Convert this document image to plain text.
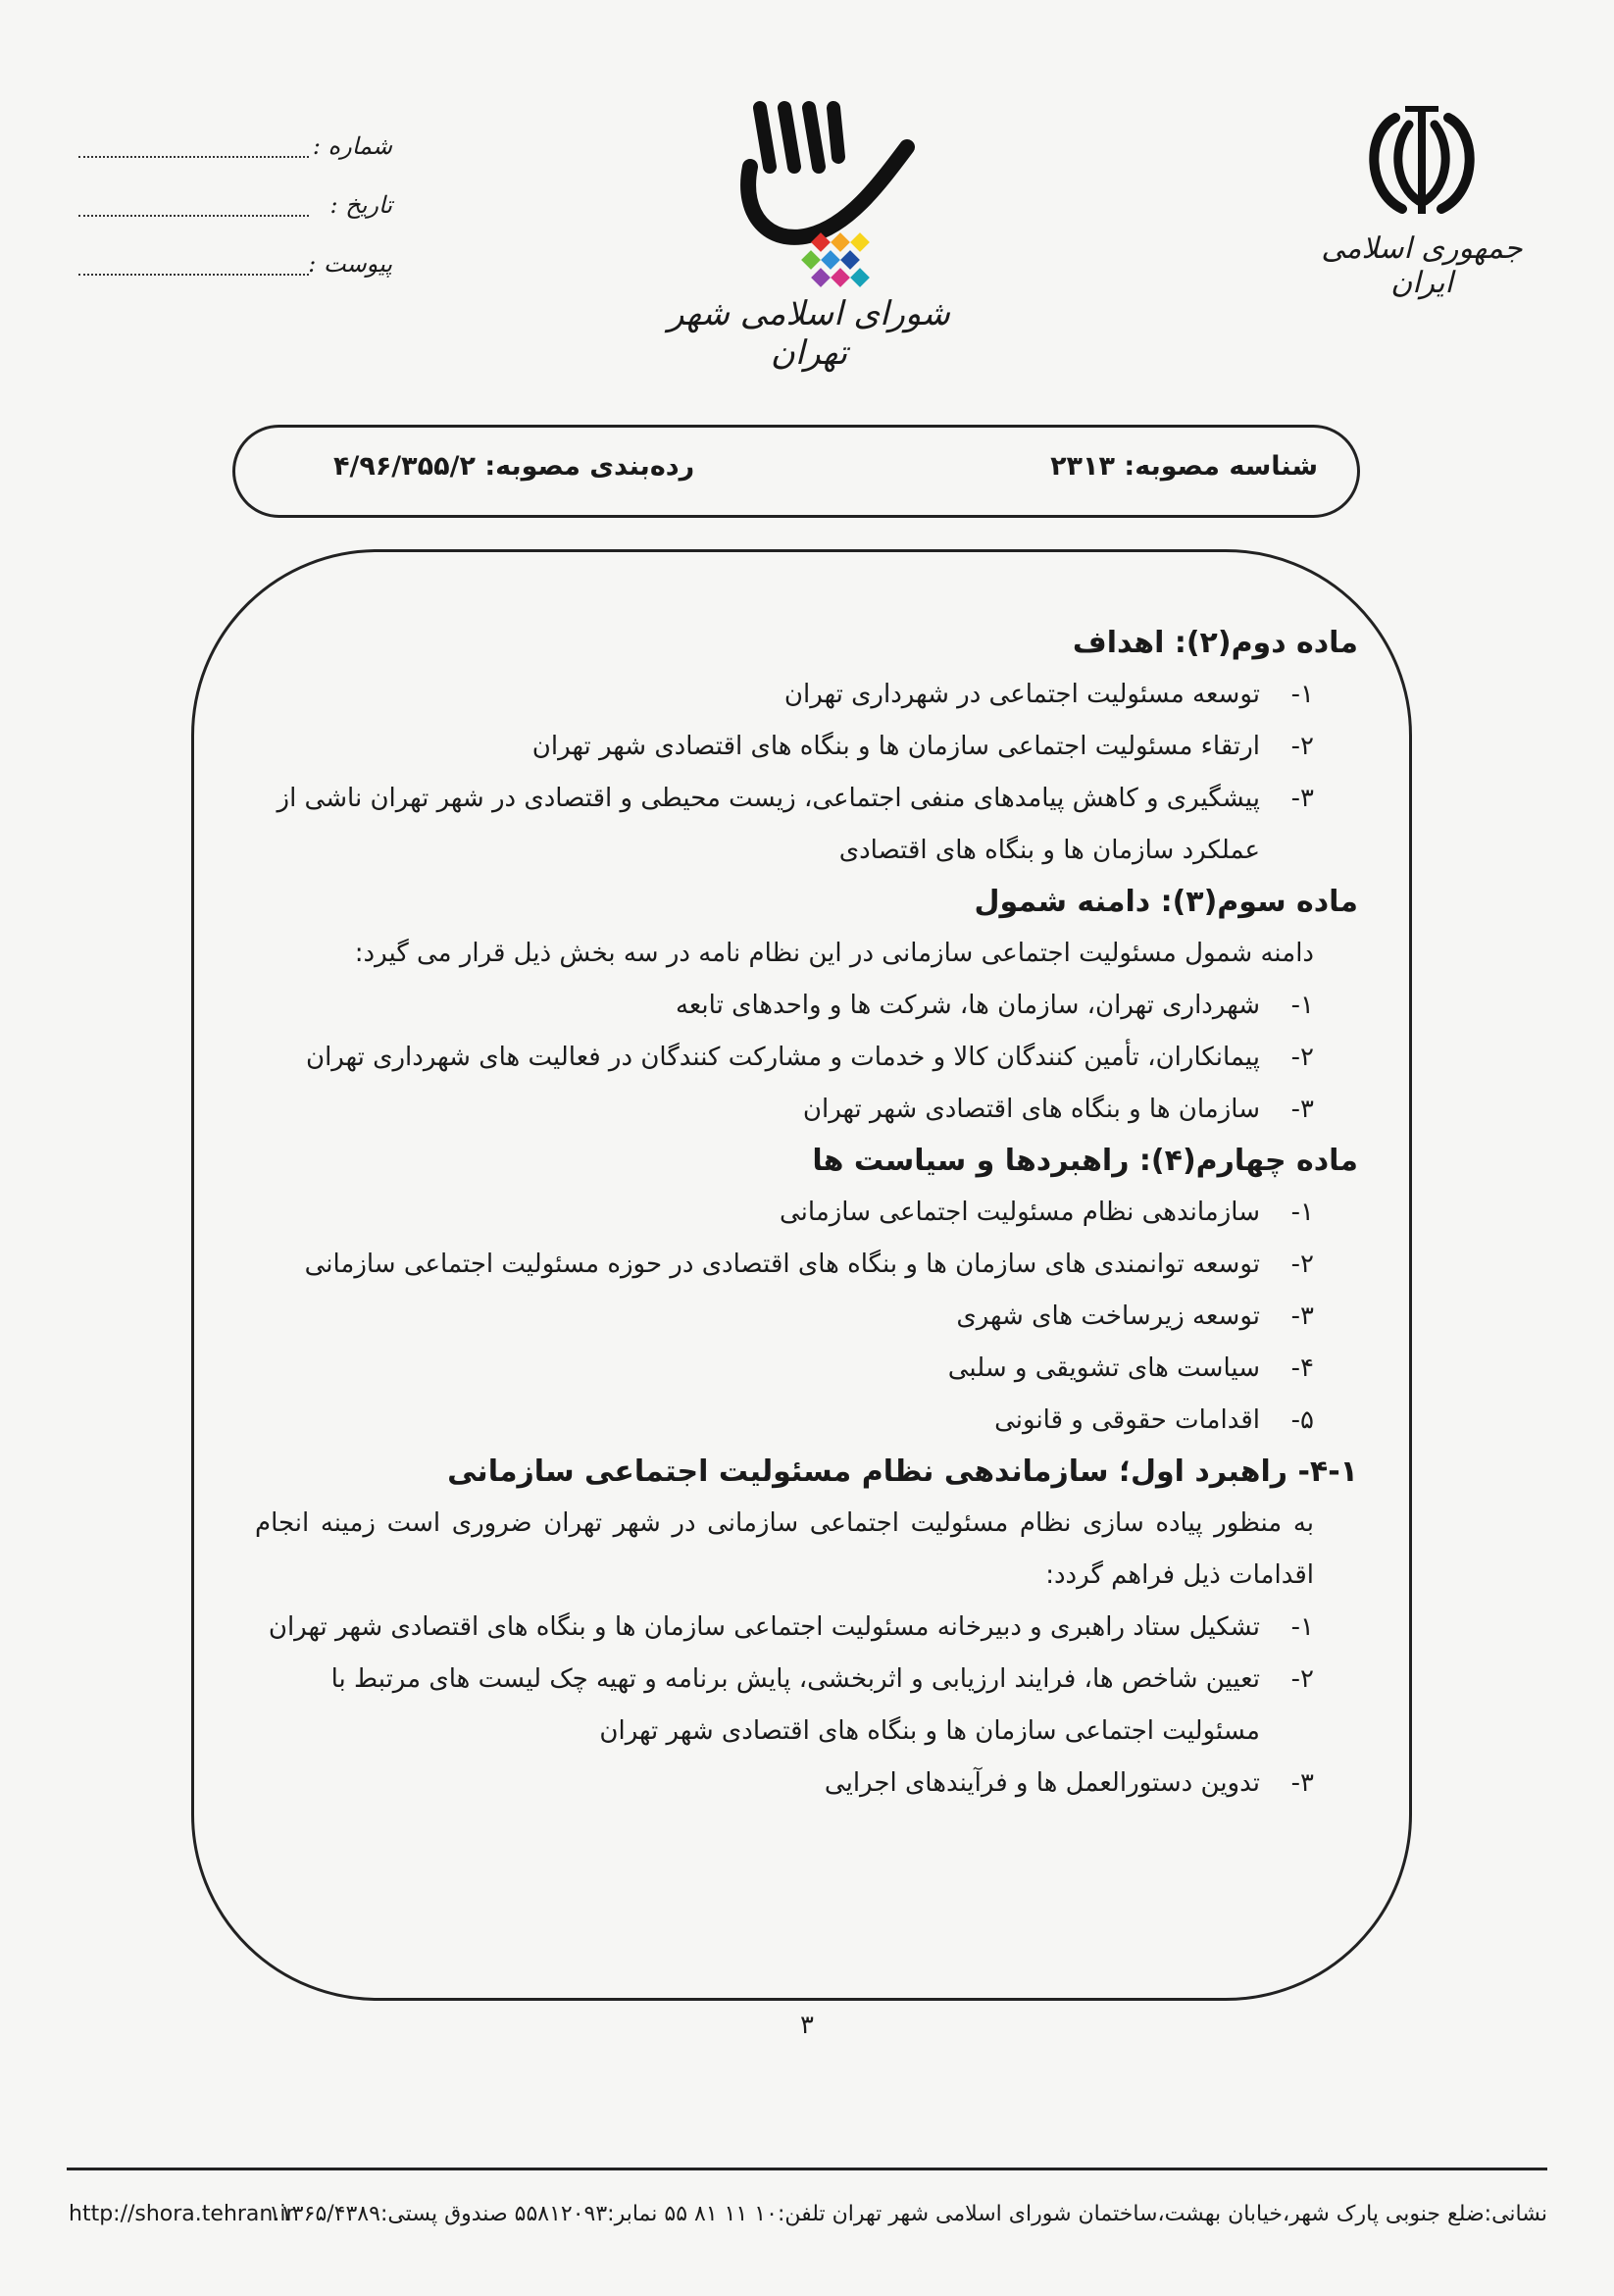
جمهوری اسلامی ایران
شورای اسلامی شهر تهران
شماره :
تاریخ :
پیوست :
شناسه مصوبه: ۲۳۱۳
رده‌بندی مصوبه: ۴/۹۶/۳۵۵/۲
ماده دوم(۲): اهداف
۱-
توسعه مسئولیت اجتماعی در شهرداری تهران
۲-
ارتقاء مسئولیت اجتماعی سازمان ها و بنگاه های اقتصادی شهر تهران
۳-
پیشگیری و کاهش پیامدهای منفی اجتماعی، زیست محیطی و اقتصادی در شهر تهران ناشی از عملکرد سازمان ها و بنگاه های اقتصادی
ماده سوم(۳): دامنه شمول

دامنه شمول مسئولیت اجتماعی سازمانی در این نظام نامه در سه بخش ذیل قرار می گیرد:

۱-
شهرداری تهران، سازمان ها، شرکت ها و واحدهای تابعه
۲-
پیمانکاران، تأمین کنندگان کالا و خدمات و مشارکت کنندگان در فعالیت های شهرداری تهران
۳-
سازمان ها و بنگاه های اقتصادی شهر تهران
ماده چهارم(۴): راهبردها و سیاست ها
۱-
سازماندهی نظام مسئولیت اجتماعی سازمانی
۲-
توسعه توانمندی های سازمان ها و بنگاه های اقتصادی در حوزه مسئولیت اجتماعی سازمانی
۳-
توسعه زیرساخت های شهری
۴-
سیاست های تشویقی و سلبی
۵-
اقدامات حقوقی و قانونی
۴-۱- راهبرد اول؛ سازماندهی نظام مسئولیت اجتماعی سازمانی

به منظور پیاده سازی نظام مسئولیت اجتماعی سازمانی در شهر تهران ضروری است زمینه انجام اقدامات ذیل فراهم گردد:

۱-
تشکیل ستاد راهبری و دبیرخانه مسئولیت اجتماعی سازمان ها و بنگاه های اقتصادی شهر تهران
۲-
تعیین شاخص ها، فرایند ارزیابی و اثربخشی، پایش برنامه و تهیه چک لیست های مرتبط با مسئولیت اجتماعی سازمان ها و بنگاه های اقتصادی شهر تهران
۳-
تدوین دستورالعمل ها و فرآیندهای اجرایی
۳
نشانی:ضلع جنوبی پارک شهر،خیابان بهشت،ساختمان شورای اسلامی شهر تهران تلفن:۱۰ ۱۱ ۸۱ ۵۵ نمابر:۵۵۸۱۲۰۹۳ صندوق پستی:۱۱۳۶۵/۴۳۸۹
http://shora.tehran.ir
